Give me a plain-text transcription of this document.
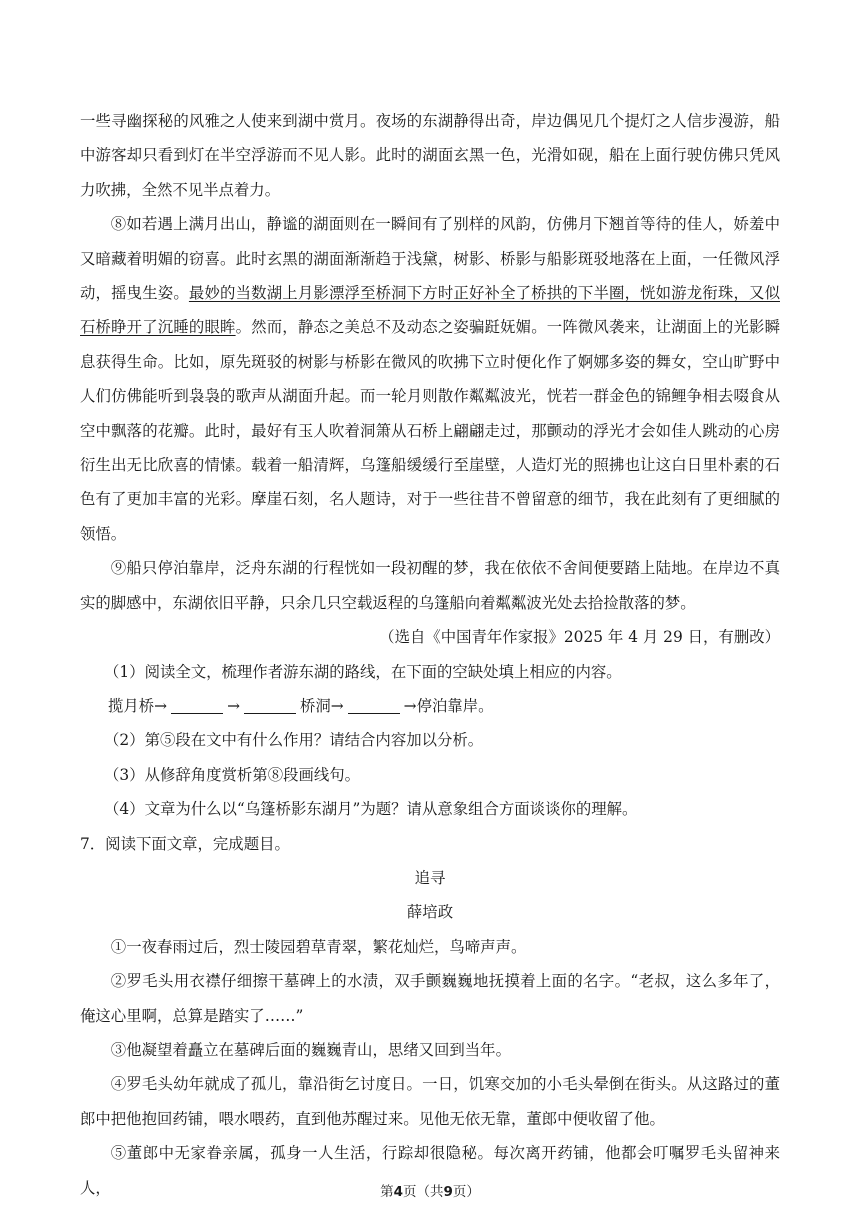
一些寻幽探秘的风雅之人使来到湖中赏月。夜场的东湖静得出奇，岸边偶见几个提灯之人信步漫游，船中游客却只看到灯在半空浮游而不见人影。此时的湖面玄黑一色，光滑如砚，船在上面行驶仿佛只凭风力吹拂，全然不见半点着力。

⑧如若遇上满月出山，静谧的湖面则在一瞬间有了别样的风韵，仿佛月下翘首等待的佳人，娇羞中又暗藏着明媚的窃喜。此时玄黑的湖面渐渐趋于浅黛，树影、桥影与船影斑驳地落在上面，一任微风浮动，摇曳生姿。最妙的当数湖上月影漂浮至桥洞下方时正好补全了桥拱的下半圈，恍如游龙衔珠，又似石桥睁开了沉睡的眼眸。然而，静态之美总不及动态之姿骗跹妩媚。一阵微风袭来，让湖面上的光影瞬息获得生命。比如，原先斑驳的树影与桥影在微风的吹拂下立时便化作了婀娜多姿的舞女，空山旷野中人们仿佛能听到袅袅的歌声从湖面升起。而一轮月则散作粼粼波光，恍若一群金色的锦鲤争相去啜食从空中飘落的花瓣。此时，最好有玉人吹着洞箫从石桥上翩翩走过，那颤动的浮光才会如佳人跳动的心房衍生出无比欣喜的情愫。载着一船清辉，乌篷船缓缓行至崖壁，人造灯光的照拂也让这白日里朴素的石色有了更加丰富的光彩。摩崖石刻，名人题诗，对于一些往昔不曾留意的细节，我在此刻有了更细腻的领悟。

⑨船只停泊靠岸，泛舟东湖的行程恍如一段初醒的梦，我在依依不舍间便要踏上陆地。在岸边不真实的脚感中，东湖依旧平静，只余几只空载返程的乌篷船向着粼粼波光处去拾捡散落的梦。

（选自《中国青年作家报》2025 年 4 月 29 日，有删改）

（1）阅读全文，梳理作者游东湖的路线，在下面的空缺处填上相应的内容。

揽月桥→	→	桥洞→	→停泊靠岸。

（2）第⑤段在文中有什么作用？请结合内容加以分析。

（3）从修辞角度赏析第⑧段画线句。

（4）文章为什么以“乌篷桥影东湖月”为题？请从意象组合方面谈谈你的理解。

7．阅读下面文章，完成题目。

追寻

薛培政

①一夜春雨过后，烈士陵园碧草青翠，繁花灿烂，鸟啼声声。

②罗毛头用衣襟仔细擦干墓碑上的水渍，双手颤巍巍地抚摸着上面的名字。“老叔，这么多年了，俺这心里啊，总算是踏实了……”

③他凝望着矗立在墓碑后面的巍巍青山，思绪又回到当年。

④罗毛头幼年就成了孤儿，靠沿街乞讨度日。一日，饥寒交加的小毛头晕倒在街头。从这路过的董郎中把他抱回药铺，喂水喂药，直到他苏醒过来。见他无依无靠，董郎中便收留了他。

⑤董郎中无家眷亲属，孤身一人生活，行踪却很隐秘。每次离开药铺，他都会叮嘱罗毛头留神来人，	第4页（共9页）
